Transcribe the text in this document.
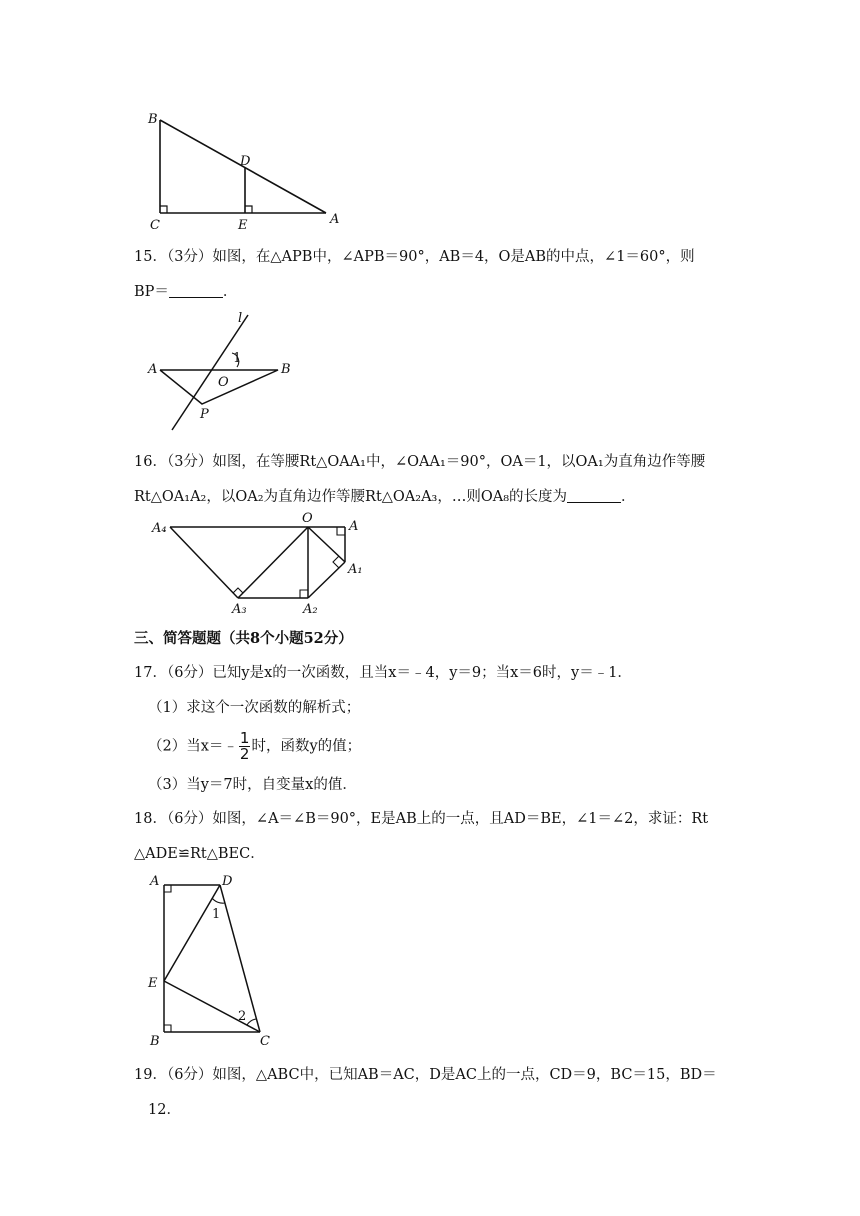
B
D
C	E	A
15．（3分）如图，在△APB中，∠APB＝90°，AB＝4，O是AB的中点，∠1＝60°，则
BP＝	．
l
1
A
O
B
P
16．（3分）如图，在等腰Rt△OAA₁中，∠OAA₁＝90°，OA＝1，以OA₁为直角边作等腰
Rt△OA₁A₂，以OA₂为直角边作等腰Rt△OA₂A₃，…则OA₈的长度为	．
A₄
O
A
A₁
A₃	A₂
三、简答题题（共8个小题52分）
17．（6分）已知y是x的一次函数，且当x＝﹣4，y＝9；当x＝6时，y＝﹣1．
（1）求这个一次函数的解析式；
（2）当x＝﹣ $\frac{1}{2}$ 时，函数y的值；
（3）当y＝7时，自变量x的值．
18．（6分）如图，∠A＝∠B＝90°，E是AB上的一点，且AD＝BE，∠1＝∠2，求证：Rt
△ADE≌Rt△BEC．
A	D
1
E
2
B	C
19．（6分）如图，△ABC中，已知AB＝AC，D是AC上的一点，CD＝9，BC＝15，BD＝
12．
